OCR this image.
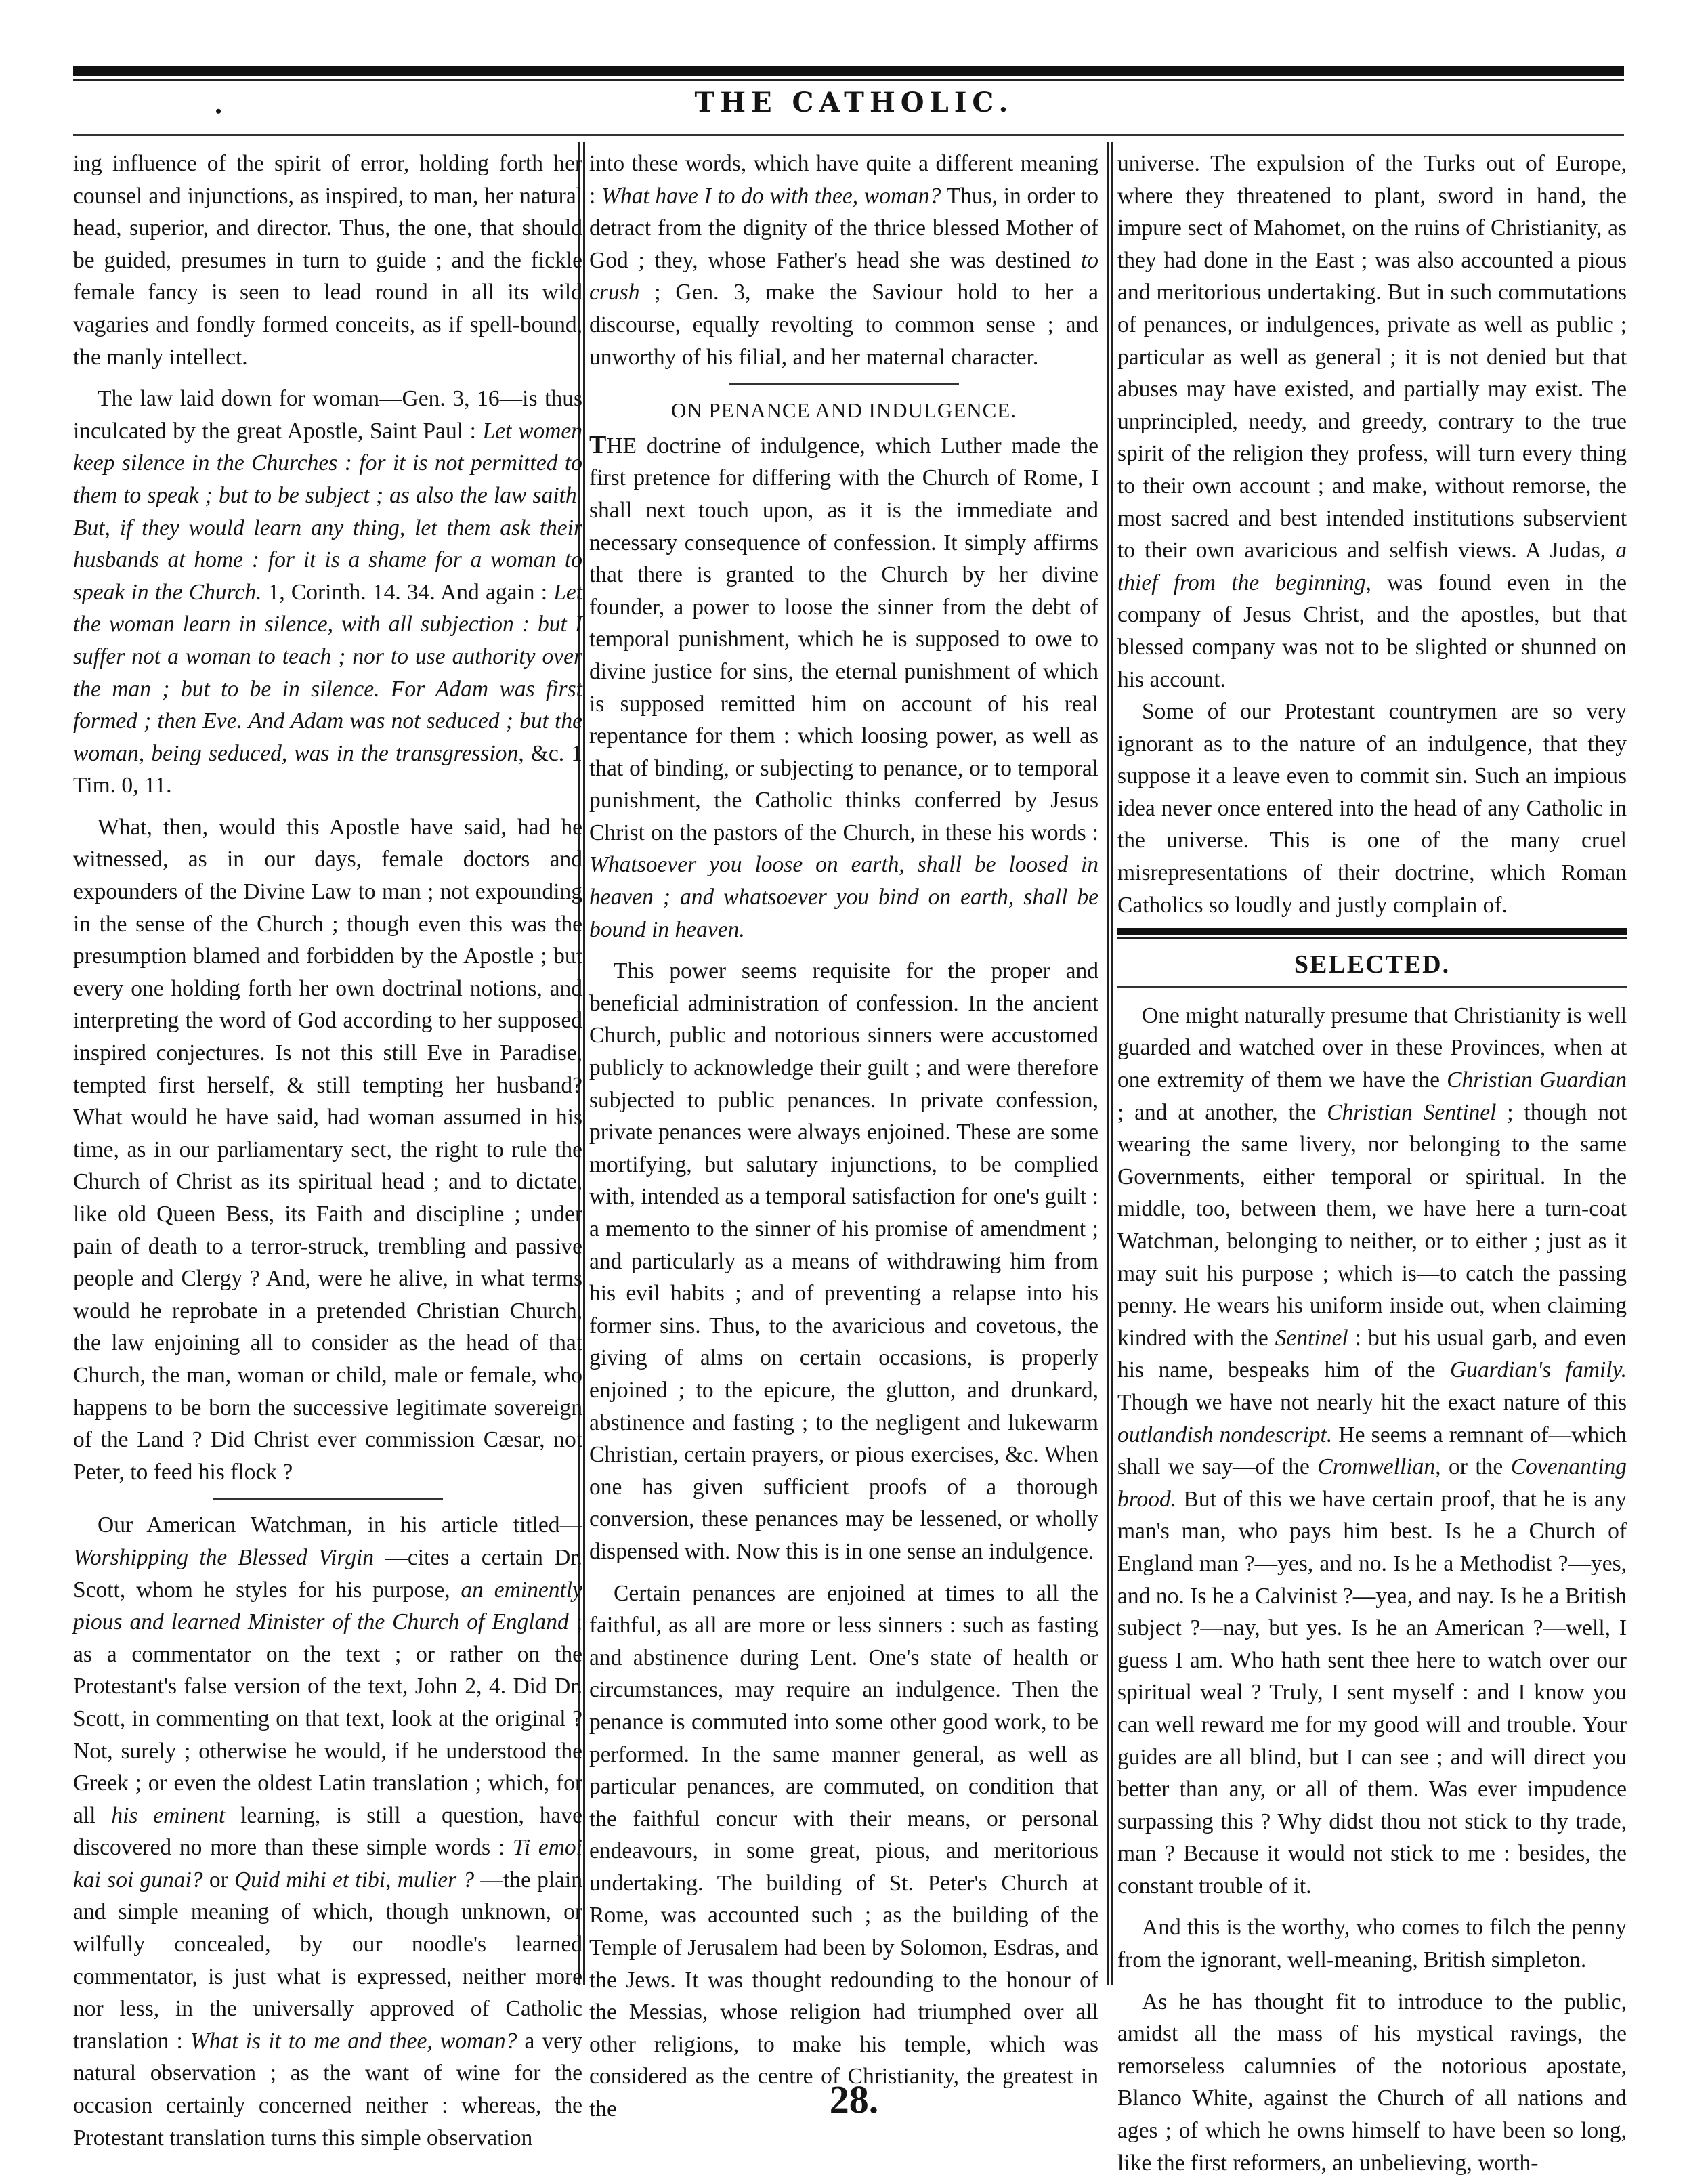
•	THE CATHOLIC.

ing influence of the spirit of error, holding forth her counsel and injunctions, as inspired, to man, her natural head, superior, and director. Thus, the one, that should be guided, presumes in turn to guide ; and the fickle female fancy is seen to lead round in all its wild vagaries and fondly formed conceits, as if spell-bound, the manly intellect.

The law laid down for woman—Gen. 3, 16—is thus inculcated by the great Apostle, Saint Paul : Let women keep silence in the Churches : for it is not permitted to them to speak ; but to be subject ; as also the law saith. But, if they would learn any thing, let them ask their husbands at home : for it is a shame for a woman to speak in the Church. 1, Corinth. 14. 34. And again : Let the woman learn in silence, with all subjection : but I suffer not a woman to teach ; nor to use authority over the man ; but to be in silence. For Adam was first formed ; then Eve. And Adam was not seduced ; but the woman, being seduced, was in the transgression, &c. 1 Tim. 0, 11.

What, then, would this Apostle have said, had he witnessed, as in our days, female doctors and expounders of the Divine Law to man ; not expounding in the sense of the Church ; though even this was the presumption blamed and forbidden by the Apostle ; but every one holding forth her own doctrinal notions, and interpreting the word of God according to her supposed inspired conjectures. Is not this still Eve in Paradise, tempted first herself, & still tempting her husband? What would he have said, had woman assumed in his time, as in our parliamentary sect, the right to rule the Church of Christ as its spiritual head ; and to dictate, like old Queen Bess, its Faith and discipline ; under pain of death to a terror-struck, trembling and passive people and Clergy ? And, were he alive, in what terms would he reprobate in a pretended Christian Church, the law enjoining all to consider as the head of that Church, the man, woman or child, male or female, who happens to be born the successive legitimate sovereign of the Land ? Did Christ ever commission Cæsar, not Peter, to feed his flock ?

Our American Watchman, in his article titled— Worshipping the Blessed Virgin —cites a certain Dr. Scott, whom he styles for his purpose, an eminently pious and learned Minister of the Church of England ; as a commentator on the text ; or rather on the Protestant's false version of the text, John 2, 4. Did Dr. Scott, in commenting on that text, look at the original ? Not, surely ; otherwise he would, if he understood the Greek ; or even the oldest Latin translation ; which, for all his eminent learning, is still a question, have discovered no more than these simple words : Ti emoi kai soi gunai? or Quid mihi et tibi, mulier ? —the plain and simple meaning of which, though unknown, or wilfully concealed, by our noodle's learned commentator, is just what is expressed, neither more nor less, in the universally approved of Catholic translation : What is it to me and thee, woman? a very natural observation ; as the want of wine for the occasion certainly concerned neither : whereas, the Protestant translation turns this simple observation

into these words, which have quite a different meaning : What have I to do with thee, woman? Thus, in order to detract from the dignity of the thrice blessed Mother of God ; they, whose Father's head she was destined to crush ; Gen. 3, make the Saviour hold to her a discourse, equally revolting to common sense ; and unworthy of his filial, and her maternal character.

ON PENANCE AND INDULGENCE.

THE doctrine of indulgence, which Luther made the first pretence for differing with the Church of Rome, I shall next touch upon, as it is the immediate and necessary consequence of confession. It simply affirms that there is granted to the Church by her divine founder, a power to loose the sinner from the debt of temporal punishment, which he is supposed to owe to divine justice for sins, the eternal punishment of which is supposed remitted him on account of his real repentance for them : which loosing power, as well as that of binding, or subjecting to penance, or to temporal punishment, the Catholic thinks conferred by Jesus Christ on the pastors of the Church, in these his words : Whatsoever you loose on earth, shall be loosed in heaven ; and whatsoever you bind on earth, shall be bound in heaven.

This power seems requisite for the proper and beneficial administration of confession. In the ancient Church, public and notorious sinners were accustomed publicly to acknowledge their guilt ; and were therefore subjected to public penances. In private confession, private penances were always enjoined. These are some mortifying, but salutary injunctions, to be complied with, intended as a temporal satisfaction for one's guilt : a memento to the sinner of his promise of amendment ; and particularly as a means of withdrawing him from his evil habits ; and of preventing a relapse into his former sins. Thus, to the avaricious and covetous, the giving of alms on certain occasions, is properly enjoined ; to the epicure, the glutton, and drunkard, abstinence and fasting ; to the negligent and lukewarm Christian, certain prayers, or pious exercises, &c. When one has given sufficient proofs of a thorough conversion, these penances may be lessened, or wholly dispensed with. Now this is in one sense an indulgence.

Certain penances are enjoined at times to all the faithful, as all are more or less sinners : such as fasting and abstinence during Lent. One's state of health or circumstances, may require an indulgence. Then the penance is commuted into some other good work, to be performed. In the same manner general, as well as particular penances, are commuted, on condition that the faithful concur with their means, or personal endeavours, in some great, pious, and meritorious undertaking. The building of St. Peter's Church at Rome, was accounted such ; as the building of the Temple of Jerusalem had been by Solomon, Esdras, and the Jews. It was thought redounding to the honour of the Messias, whose religion had triumphed over all other religions, to make his temple, which was considered as the centre of Christianity, the greatest in the

universe. The expulsion of the Turks out of Europe, where they threatened to plant, sword in hand, the impure sect of Mahomet, on the ruins of Christianity, as they had done in the East ; was also accounted a pious and meritorious undertaking. But in such commutations of penances, or indulgences, private as well as public ; particular as well as general ; it is not denied but that abuses may have existed, and partially may exist. The unprincipled, needy, and greedy, contrary to the true spirit of the religion they profess, will turn every thing to their own account ; and make, without remorse, the most sacred and best intended institutions subservient to their own avaricious and selfish views. A Judas, a thief from the beginning, was found even in the company of Jesus Christ, and the apostles, but that blessed company was not to be slighted or shunned on his account.

Some of our Protestant countrymen are so very ignorant as to the nature of an indulgence, that they suppose it a leave even to commit sin. Such an impious idea never once entered into the head of any Catholic in the universe. This is one of the many cruel misrepresentations of their doctrine, which Roman Catholics so loudly and justly complain of.

SELECTED.

One might naturally presume that Christianity is well guarded and watched over in these Provinces, when at one extremity of them we have the Christian Guardian ; and at another, the Christian Sentinel ; though not wearing the same livery, nor belonging to the same Governments, either temporal or spiritual. In the middle, too, between them, we have here a turn-coat Watchman, belonging to neither, or to either ; just as it may suit his purpose ; which is—to catch the passing penny. He wears his uniform inside out, when claiming kindred with the Sentinel : but his usual garb, and even his name, bespeaks him of the Guardian's family. Though we have not nearly hit the exact nature of this outlandish nondescript. He seems a remnant of—which shall we say—of the Cromwellian, or the Covenanting brood. But of this we have certain proof, that he is any man's man, who pays him best. Is he a Church of England man ?—yes, and no. Is he a Methodist ?—yes, and no. Is he a Calvinist ?—yea, and nay. Is he a British subject ?—nay, but yes. Is he an American ?—well, I guess I am. Who hath sent thee here to watch over our spiritual weal ? Truly, I sent myself : and I know you can well reward me for my good will and trouble. Your guides are all blind, but I can see ; and will direct you better than any, or all of them. Was ever impudence surpassing this ? Why didst thou not stick to thy trade, man ? Because it would not stick to me : besides, the constant trouble of it.

And this is the worthy, who comes to filch the penny from the ignorant, well-meaning, British simpleton.

As he has thought fit to introduce to the public, amidst all the mass of his mystical ravings, the remorseless calumnies of the notorious apostate, Blanco White, against the Church of all nations and ages ; of which he owns himself to have been so long, like the first reformers, an unbelieving, worth-

28.
